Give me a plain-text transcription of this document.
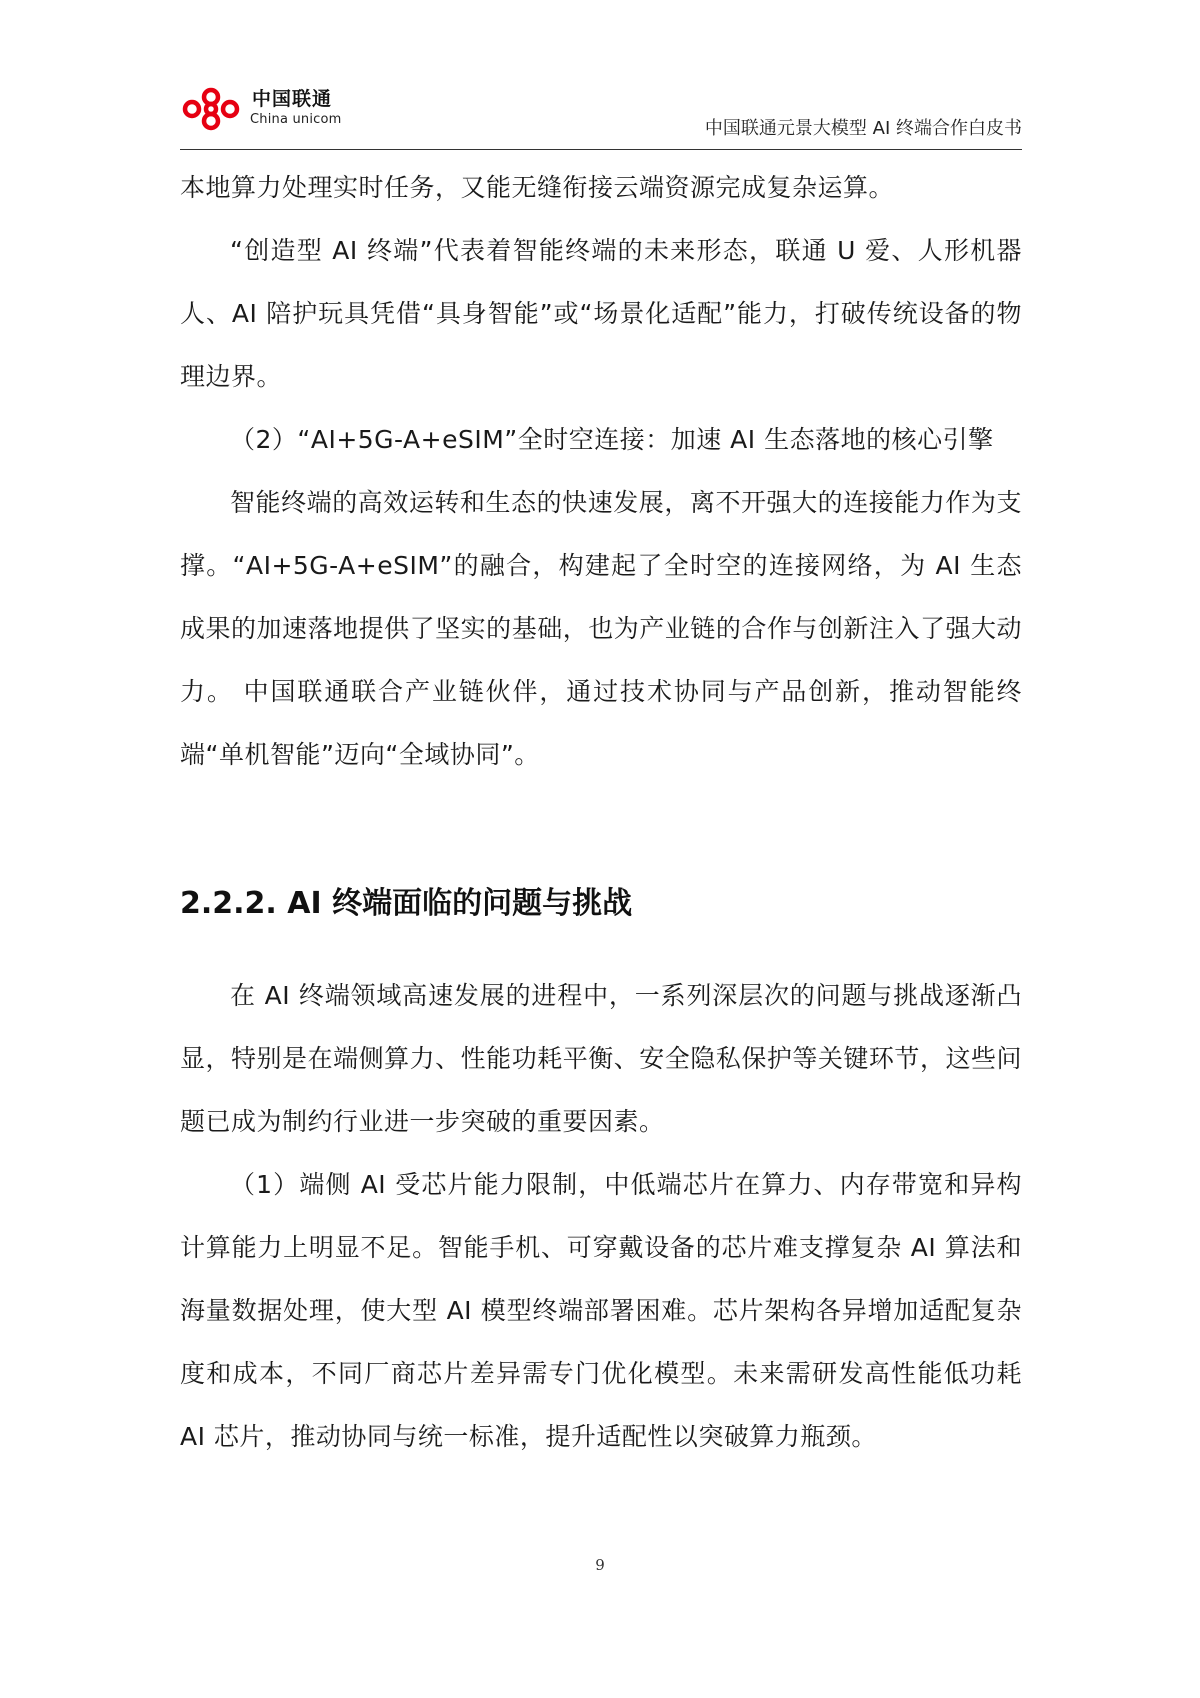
中国联通
China unicom	中国联通元景大模型 AI 终端合作白皮书

本地算力处理实时任务，又能无缝衔接云端资源完成复杂运算。

“创造型 AI 终端”代表着智能终端的未来形态，联通 U 爱、人形机器人、AI 陪护玩具凭借“具身智能”或“场景化适配”能力，打破传统设备的物理边界。

（2）“AI+5G-A+eSIM”全时空连接：加速 AI 生态落地的核心引擎

智能终端的高效运转和生态的快速发展，离不开强大的连接能力作为支撑。“AI+5G-A+eSIM”的融合，构建起了全时空的连接网络，为 AI 生态成果的加速落地提供了坚实的基础，也为产业链的合作与创新注入了强大动力。 中国联通联合产业链伙伴，通过技术协同与产品创新，推动智能终端“单机智能”迈向“全域协同”。

2.2.2. AI 终端面临的问题与挑战

在 AI 终端领域高速发展的进程中，一系列深层次的问题与挑战逐渐凸显，特别是在端侧算力、性能功耗平衡、安全隐私保护等关键环节，这些问题已成为制约行业进一步突破的重要因素。

（1）端侧 AI 受芯片能力限制，中低端芯片在算力、内存带宽和异构计算能力上明显不足。智能手机、可穿戴设备的芯片难支撑复杂 AI 算法和海量数据处理，使大型 AI 模型终端部署困难。芯片架构各异增加适配复杂度和成本，不同厂商芯片差异需专门优化模型。未来需研发高性能低功耗 AI 芯片，推动协同与统一标准，提升适配性以突破算力瓶颈。

9
